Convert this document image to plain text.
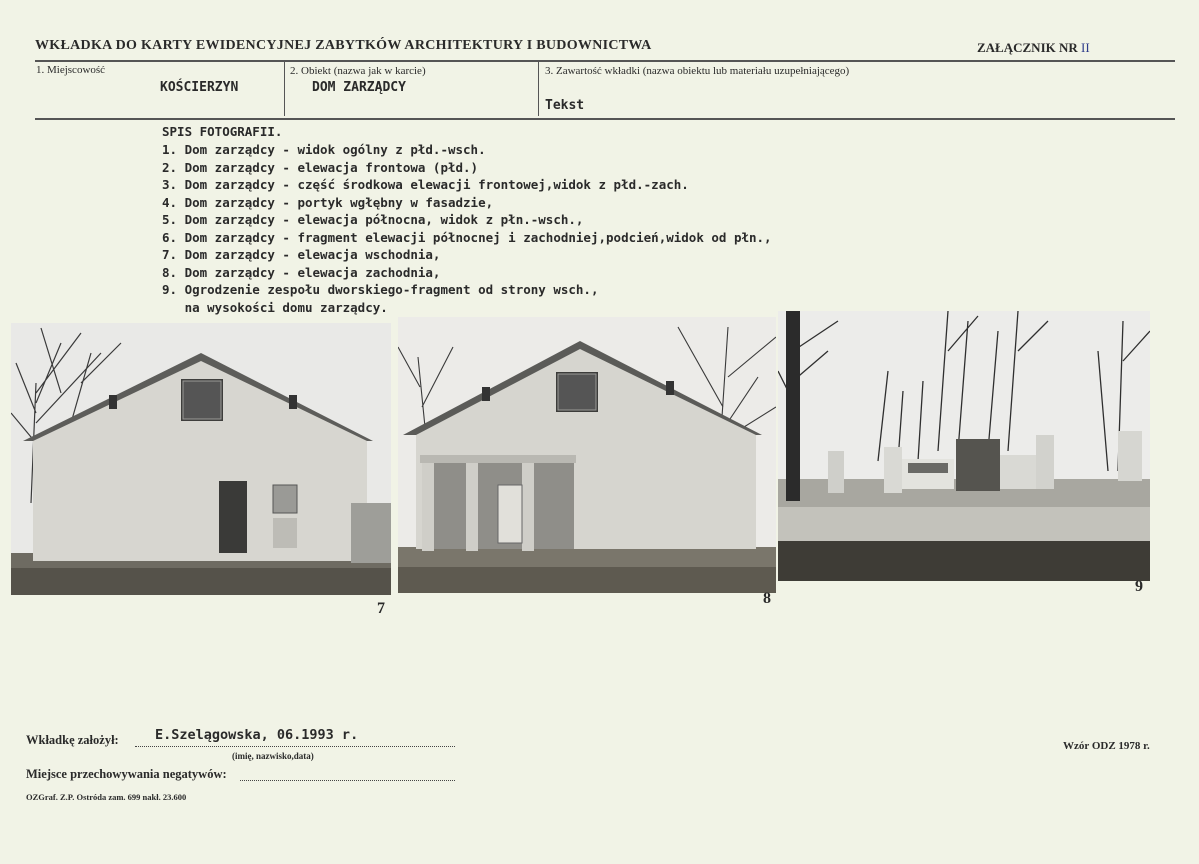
WKŁADKA DO KARTY EWIDENCYJNEJ ZABYTKÓW ARCHITEKTURY I BUDOWNICTWA	ZAŁĄCZNIK NR II
1. Miejscowość
KOŚCIERZYN
2. Obiekt (nazwa jak w karcie)
DOM ZARZĄDCY
3. Zawartość wkładki (nazwa obiektu lub materiału uzupełniającego)
Tekst
SPIS FOTOGRAFII.
1. Dom zarządcy - widok ogólny z płd.-wsch.
2. Dom zarządcy - elewacja frontowa (płd.)
3. Dom zarządcy - część środkowa elewacji frontowej,widok z płd.-zach.
4. Dom zarządcy - portyk wgłębny w fasadzie,
5. Dom zarządcy - elewacja północna, widok z płn.-wsch.,
6. Dom zarządcy - fragment elewacji północnej i zachodniej,podcień,widok od płn.,
7. Dom zarządcy - elewacja wschodnia,
8. Dom zarządcy - elewacja zachodnia,
9. Ogrodzenie zespołu dworskiego-fragment od strony wsch.,
na wysokości domu zarządcy.
7
8
9
Wkładkę założył:	E.Szelągowska, 06.1993 r.
(imię, nazwisko,data)
Wzór ODZ 1978 r.
Miejsce przechowywania negatywów:
OZGraf. Z.P. Ostróda zam. 699 nakł. 23.600
